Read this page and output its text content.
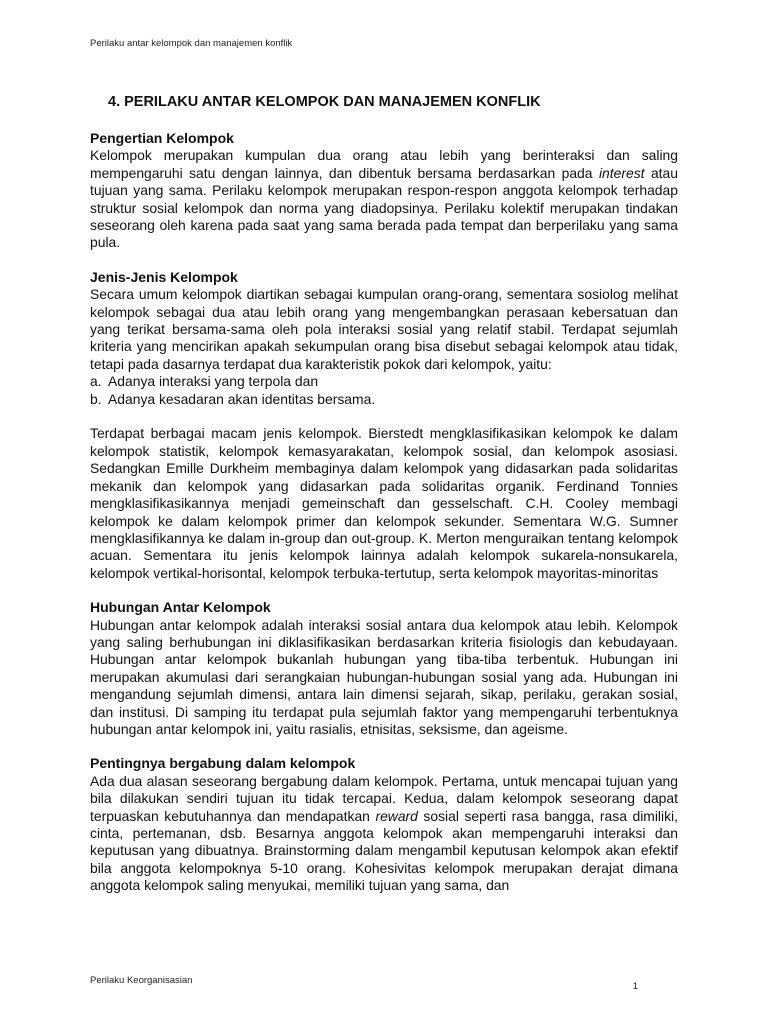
Perilaku antar kelompok dan manajemen konflik
4. PERILAKU ANTAR KELOMPOK DAN MANAJEMEN KONFLIK

Pengertian Kelompok

Kelompok merupakan kumpulan dua orang atau lebih yang berinteraksi dan saling mempengaruhi satu dengan lainnya, dan dibentuk bersama berdasarkan pada interest atau tujuan yang sama. Perilaku kelompok merupakan respon-respon anggota kelompok terhadap struktur sosial kelompok dan norma yang diadopsinya. Perilaku kolektif merupakan tindakan seseorang oleh karena pada saat yang sama berada pada tempat dan berperilaku yang sama pula.

Jenis-Jenis Kelompok

Secara umum kelompok diartikan sebagai kumpulan orang-orang, sementara sosiolog melihat kelompok sebagai dua atau lebih orang yang mengembangkan perasaan kebersatuan dan yang terikat bersama-sama oleh pola interaksi sosial yang relatif stabil. Terdapat sejumlah kriteria yang mencirikan apakah sekumpulan orang bisa disebut sebagai kelompok atau tidak, tetapi pada dasarnya terdapat dua karakteristik pokok dari kelompok, yaitu:

a. Adanya interaksi yang terpola dan
b. Adanya kesadaran akan identitas bersama.

Terdapat berbagai macam jenis kelompok. Bierstedt mengklasifikasikan kelompok ke dalam kelompok statistik, kelompok kemasyarakatan, kelompok sosial, dan kelompok asosiasi. Sedangkan Emille Durkheim membaginya dalam kelompok yang didasarkan pada solidaritas mekanik dan kelompok yang didasarkan pada solidaritas organik. Ferdinand Tonnies mengklasifikasikannya menjadi gemeinschaft dan gesselschaft. C.H. Cooley membagi kelompok ke dalam kelompok primer dan kelompok sekunder. Sementara W.G. Sumner mengklasifikannya ke dalam in-group dan out-group. K. Merton menguraikan tentang kelompok acuan. Sementara itu jenis kelompok lainnya adalah kelompok sukarela-nonsukarela, kelompok vertikal-horisontal, kelompok terbuka-tertutup, serta kelompok mayoritas-minoritas

Hubungan Antar Kelompok

Hubungan antar kelompok adalah interaksi sosial antara dua kelompok atau lebih. Kelompok yang saling berhubungan ini diklasifikasikan berdasarkan kriteria fisiologis dan kebudayaan. Hubungan antar kelompok bukanlah hubungan yang tiba-tiba terbentuk. Hubungan ini merupakan akumulasi dari serangkaian hubungan-hubungan sosial yang ada. Hubungan ini mengandung sejumlah dimensi, antara lain dimensi sejarah, sikap, perilaku, gerakan sosial, dan institusi. Di samping itu terdapat pula sejumlah faktor yang mempengaruhi terbentuknya hubungan antar kelompok ini, yaitu rasialis, etnisitas, seksisme, dan ageisme.

Pentingnya bergabung dalam kelompok

Ada dua alasan seseorang bergabung dalam kelompok. Pertama, untuk mencapai tujuan yang bila dilakukan sendiri tujuan itu tidak tercapai. Kedua, dalam kelompok seseorang dapat terpuaskan kebutuhannya dan mendapatkan reward sosial seperti rasa bangga, rasa dimiliki, cinta, pertemanan, dsb. Besarnya anggota kelompok akan mempengaruhi interaksi dan keputusan yang dibuatnya. Brainstorming dalam mengambil keputusan kelompok akan efektif bila anggota kelompoknya 5-10 orang. Kohesivitas kelompok merupakan derajat dimana anggota kelompok saling menyukai, memiliki tujuan yang sama, dan

Perilaku Keorganisasian
1
